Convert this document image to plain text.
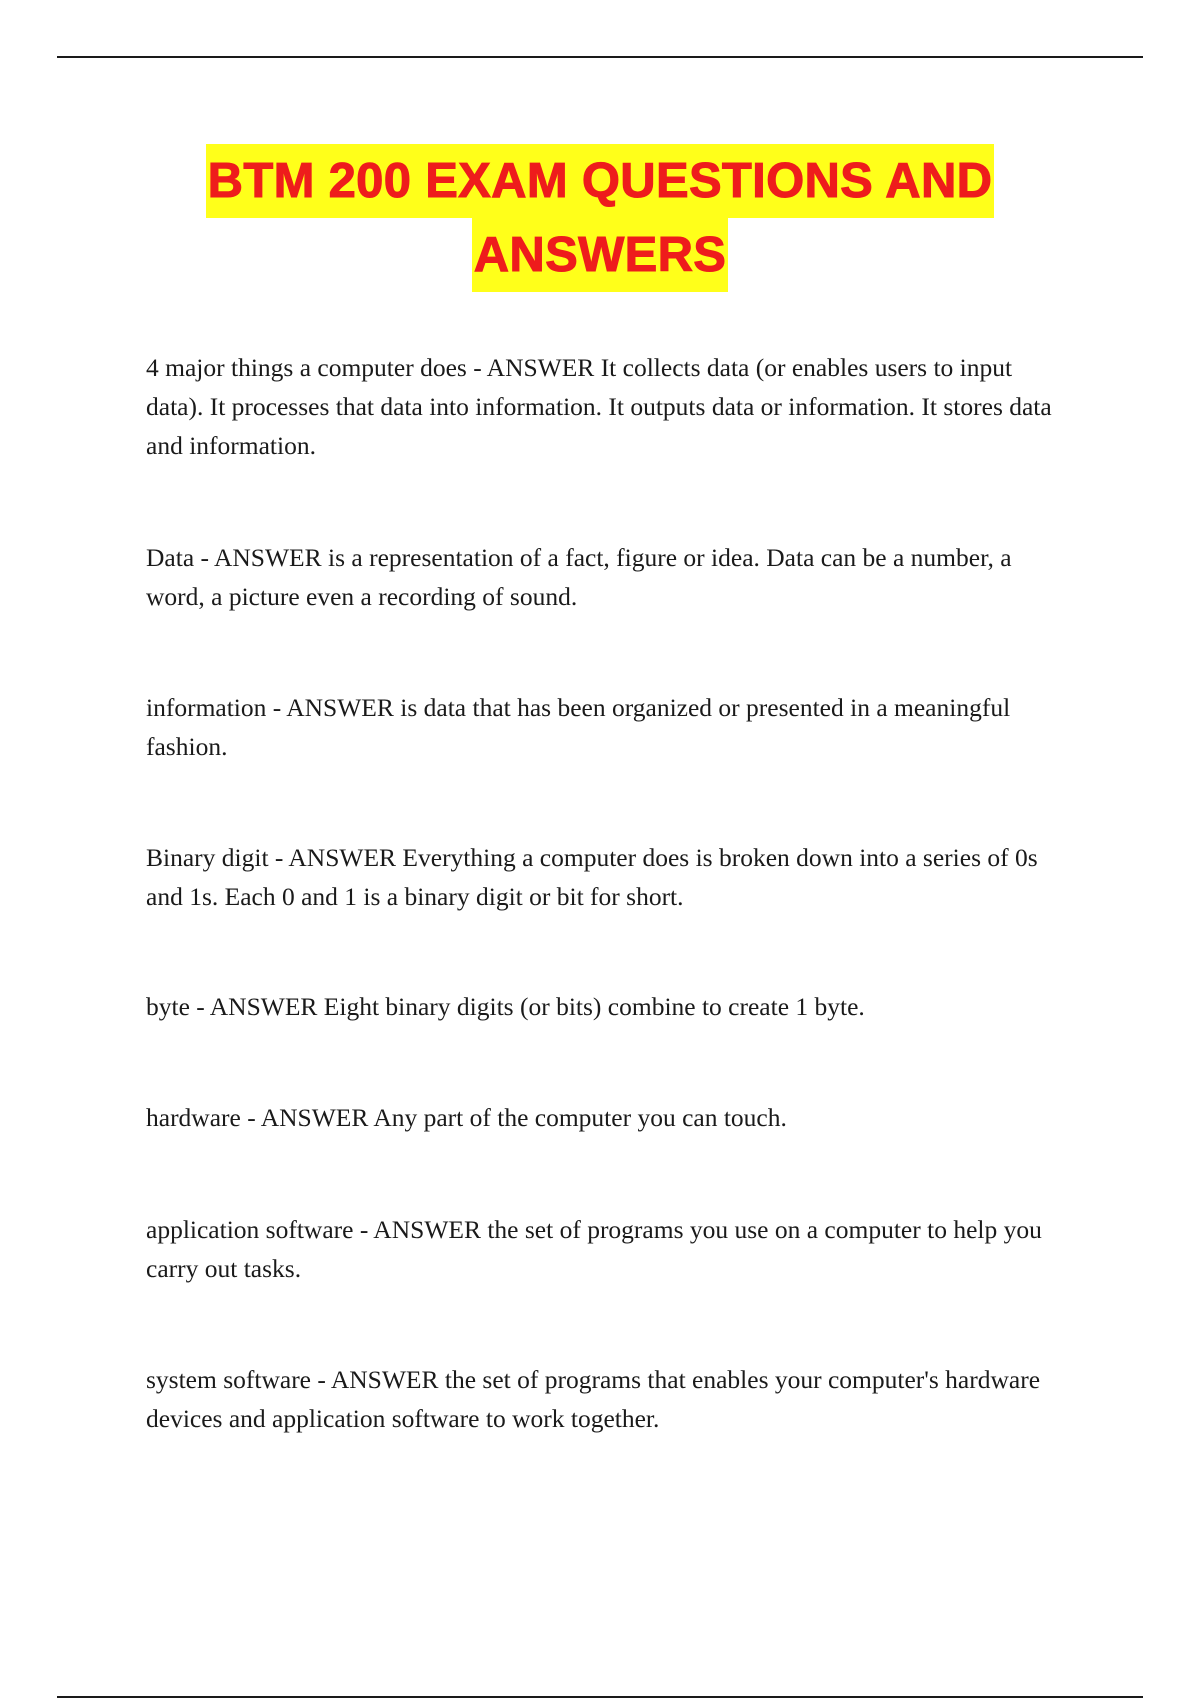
BTM 200 EXAM QUESTIONS AND
ANSWERS

4 major things a computer does - ANSWER It collects data (or enables users to input data). It processes that data into information. It outputs data or information. It stores data and information.

Data - ANSWER is a representation of a fact, figure or idea. Data can be a number, a word, a picture even a recording of sound.

information - ANSWER is data that has been organized or presented in a meaningful fashion.

Binary digit - ANSWER Everything a computer does is broken down into a series of 0s and 1s. Each 0 and 1 is a binary digit or bit for short.

byte - ANSWER Eight binary digits (or bits) combine to create 1 byte.

hardware - ANSWER Any part of the computer you can touch.

application software - ANSWER the set of programs you use on a computer to help you carry out tasks.

system software - ANSWER the set of programs that enables your computer's hardware devices and application software to work together.
